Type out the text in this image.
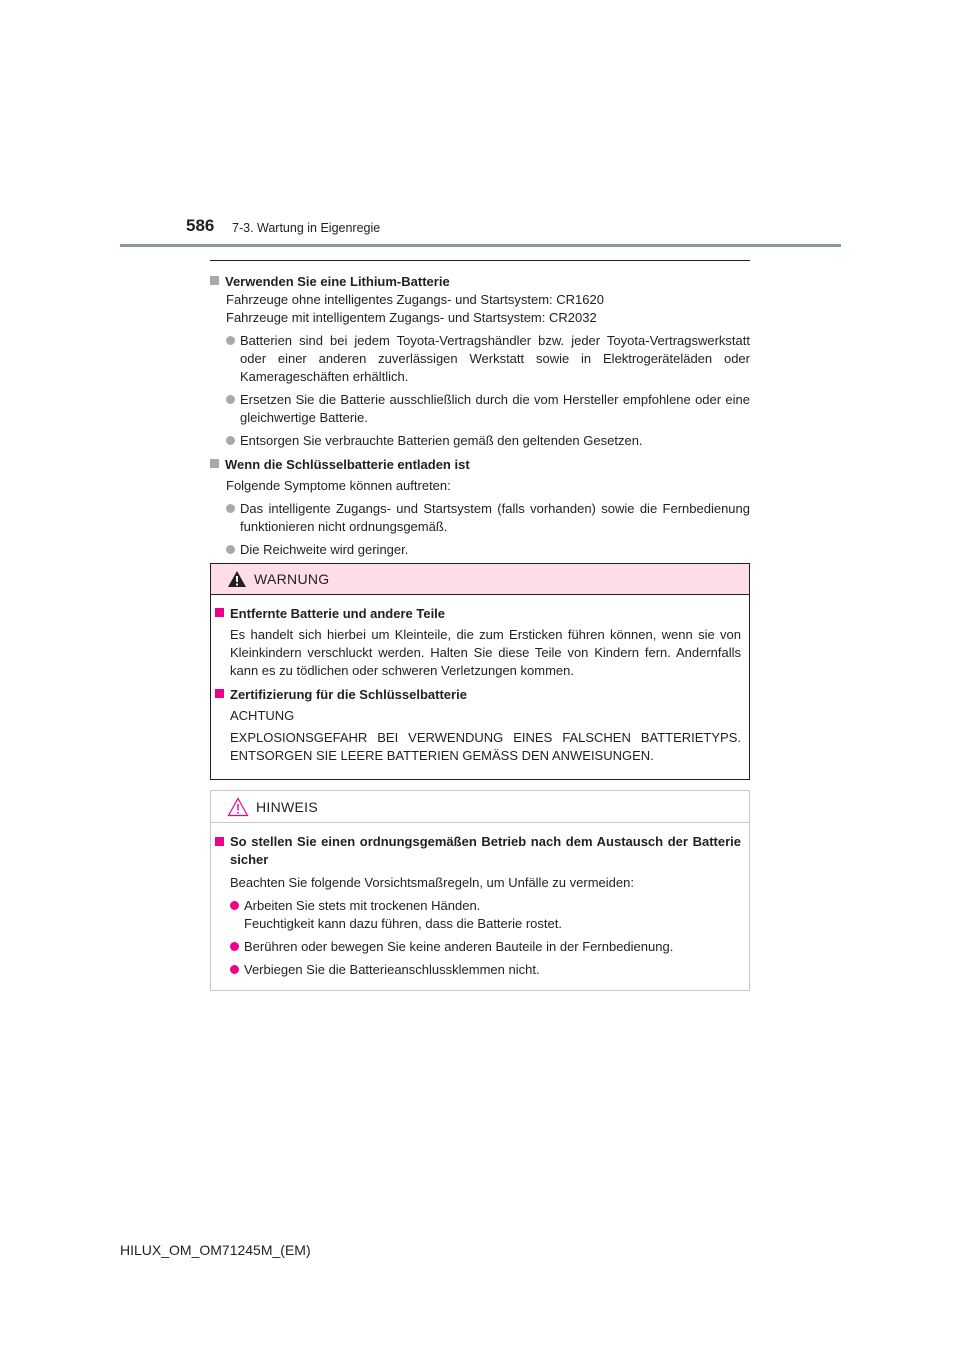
586 7-3. Wartung in Eigenregie
Verwenden Sie eine Lithium-Batterie
Fahrzeuge ohne intelligentes Zugangs- und Startsystem: CR1620
Fahrzeuge mit intelligentem Zugangs- und Startsystem: CR2032
Batterien sind bei jedem Toyota-Vertragshändler bzw. jeder Toyota-Vertragswerkstatt oder einer anderen zuverlässigen Werkstatt sowie in Elektrogeräteläden oder Kamerageschäften erhältlich.
Ersetzen Sie die Batterie ausschließlich durch die vom Hersteller empfohlene oder eine gleichwertige Batterie.
Entsorgen Sie verbrauchte Batterien gemäß den geltenden Gesetzen.
Wenn die Schlüsselbatterie entladen ist
Folgende Symptome können auftreten:
Das intelligente Zugangs- und Startsystem (falls vorhanden) sowie die Fernbedienung funktionieren nicht ordnungsgemäß.
Die Reichweite wird geringer.
WARNUNG
Entfernte Batterie und andere Teile
Es handelt sich hierbei um Kleinteile, die zum Ersticken führen können, wenn sie von Kleinkindern verschluckt werden. Halten Sie diese Teile von Kindern fern. Andernfalls kann es zu tödlichen oder schweren Verletzungen kommen.
Zertifizierung für die Schlüsselbatterie
ACHTUNG
EXPLOSIONSGEFAHR BEI VERWENDUNG EINES FALSCHEN BATTERIETYPS. ENTSORGEN SIE LEERE BATTERIEN GEMÄSS DEN ANWEISUNGEN.
HINWEIS
So stellen Sie einen ordnungsgemäßen Betrieb nach dem Austausch der Batterie sicher
Beachten Sie folgende Vorsichtsmaßregeln, um Unfälle zu vermeiden:
Arbeiten Sie stets mit trockenen Händen.
Feuchtigkeit kann dazu führen, dass die Batterie rostet.
Berühren oder bewegen Sie keine anderen Bauteile in der Fernbedienung.
Verbiegen Sie die Batterieanschlussklemmen nicht.
HILUX_OM_OM71245M_(EM)
